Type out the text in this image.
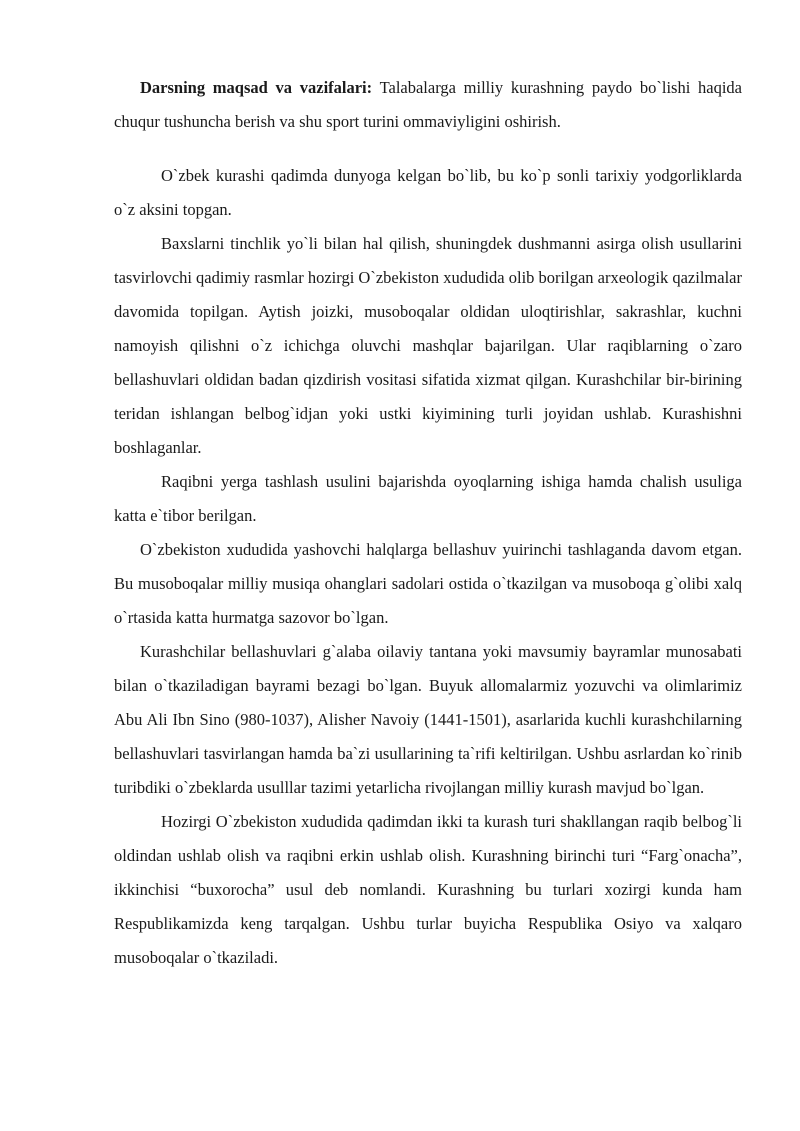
Darsning maqsad va vazifalari: Talabalarga milliy kurashning paydo bo`lishi haqida chuqur tushuncha berish va shu sport turini ommaviyligini oshirish.

O`zbek kurashi qadimda dunyoga kelgan bo`lib, bu ko`p sonli tarixiy yodgorliklarda o`z aksini topgan.

Baxslarni tinchlik yo`li bilan hal qilish, shuningdek dushmanni asirga olish usullarini tasvirlovchi qadimiy rasmlar hozirgi O`zbekiston xududida olib borilgan arxeologik qazilmalar davomida topilgan. Aytish joizki, musoboqalar oldidan uloqtirishlar, sakrashlar, kuchni namoyish qilishni o`z ichichga oluvchi mashqlar bajarilgan. Ular raqiblarning o`zaro bellashuvlari oldidan badan qizdirish vositasi sifatida xizmat qilgan. Kurashchilar bir-birining teridan ishlangan belbog`idjan yoki ustki kiyimining turli joyidan ushlab. Kurashishni boshlaganlar.

Raqibni yerga tashlash usulini bajarishda oyoqlarning ishiga hamda chalish usuliga katta e`tibor berilgan.

O`zbekiston xududida yashovchi halqlarga bellashuv yuirinchi tashlaganda davom etgan. Bu musoboqalar milliy musiqa ohanglari sadolari ostida o`tkazilgan va musoboqa g`olibi xalq o`rtasida katta hurmatga sazovor bo`lgan.

Kurashchilar bellashuvlari g`alaba oilaviy tantana yoki mavsumiy bayramlar munosabati bilan o`tkaziladigan bayrami bezagi bo`lgan. Buyuk allomalarmiz yozuvchi va olimlarimiz Abu Ali Ibn Sino (980-1037), Alisher Navoiy (1441-1501), asarlarida kuchli kurashchilarning bellashuvlari tasvirlangan hamda ba`zi usullarining ta`rifi keltirilgan. Ushbu asrlardan ko`rinib turibdiki o`zbeklarda usulllar tazimi yetarlicha rivojlangan milliy kurash mavjud bo`lgan.

Hozirgi O`zbekiston xududida qadimdan ikki ta kurash turi shakllangan raqib belbog`li oldindan ushlab olish va raqibni erkin ushlab olish. Kurashning birinchi turi “Farg`onacha”, ikkinchisi “buxorocha” usul deb nomlandi. Kurashning bu turlari xozirgi kunda ham Respublikamizda keng tarqalgan. Ushbu turlar buyicha Respublika Osiyo va xalqaro musoboqalar o`tkaziladi.
